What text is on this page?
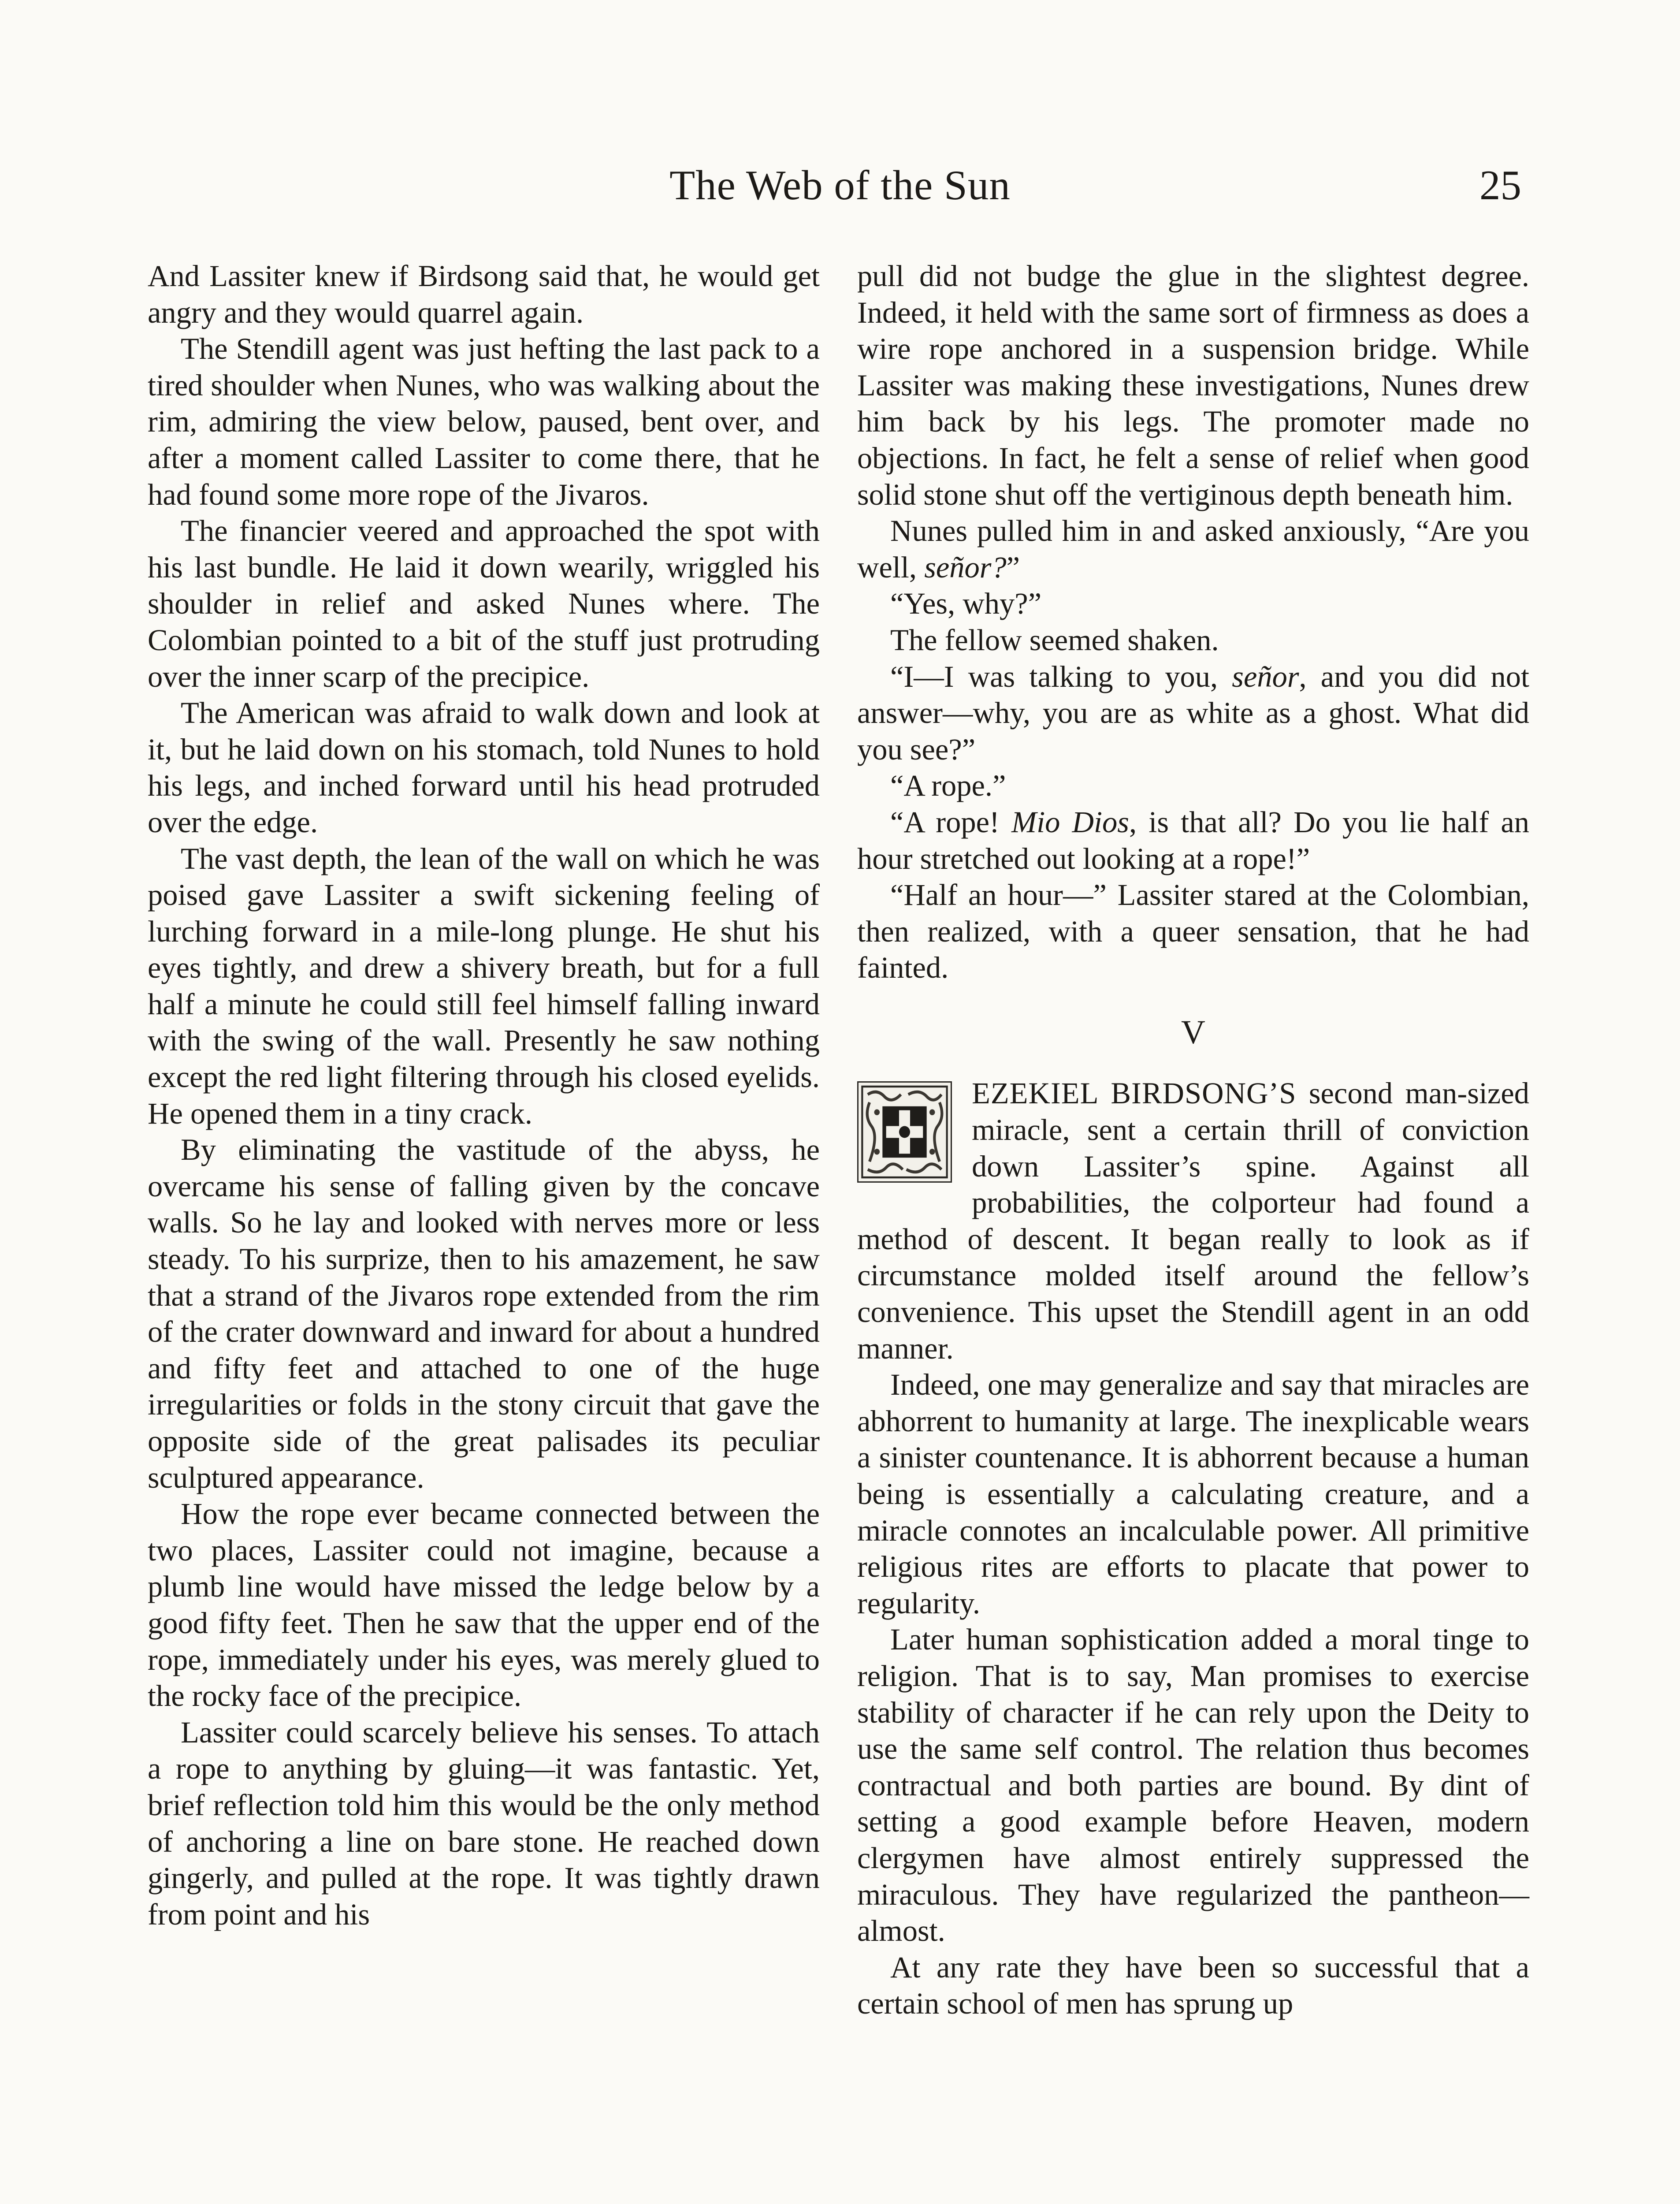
The Web of the Sun	25

And Lassiter knew if Birdsong said that, he would get angry and they would quarrel again.

The Stendill agent was just hefting the last pack to a tired shoulder when Nunes, who was walking about the rim, admiring the view below, paused, bent over, and after a moment called Lassiter to come there, that he had found some more rope of the Jivaros.

The financier veered and approached the spot with his last bundle. He laid it down wearily, wriggled his shoulder in relief and asked Nunes where. The Colombian pointed to a bit of the stuff just protruding over the inner scarp of the precipice.

The American was afraid to walk down and look at it, but he laid down on his stomach, told Nunes to hold his legs, and inched forward until his head protruded over the edge.

The vast depth, the lean of the wall on which he was poised gave Lassiter a swift sickening feeling of lurching forward in a mile-long plunge. He shut his eyes tightly, and drew a shivery breath, but for a full half a minute he could still feel himself falling inward with the swing of the wall. Presently he saw nothing except the red light filtering through his closed eyelids. He opened them in a tiny crack.

By eliminating the vastitude of the abyss, he overcame his sense of falling given by the concave walls. So he lay and looked with nerves more or less steady. To his surprize, then to his amazement, he saw that a strand of the Jivaros rope extended from the rim of the crater downward and inward for about a hundred and fifty feet and attached to one of the huge irregularities or folds in the stony circuit that gave the opposite side of the great palisades its peculiar sculptured appearance.

How the rope ever became connected between the two places, Lassiter could not imagine, because a plumb line would have missed the ledge below by a good fifty feet. Then he saw that the upper end of the rope, immediately under his eyes, was merely glued to the rocky face of the precipice.

Lassiter could scarcely believe his senses. To attach a rope to anything by gluing—it was fantastic. Yet, brief reflection told him this would be the only method of anchoring a line on bare stone. He reached down gingerly, and pulled at the rope. It was tightly drawn from point and his

pull did not budge the glue in the slightest degree. Indeed, it held with the same sort of firmness as does a wire rope anchored in a suspension bridge. While Lassiter was making these investigations, Nunes drew him back by his legs. The promoter made no objections. In fact, he felt a sense of relief when good solid stone shut off the vertiginous depth beneath him.

Nunes pulled him in and asked anxiously, “Are you well, señor?”

“Yes, why?”

The fellow seemed shaken.

“I—I was talking to you, señor, and you did not answer—why, you are as white as a ghost. What did you see?”

“A rope.”

“A rope! Mio Dios, is that all? Do you lie half an hour stretched out looking at a rope!”

“Half an hour—” Lassiter stared at the Colombian, then realized, with a queer sensation, that he had fainted.

V

EZEKIEL BIRDSONG’S second man-sized miracle, sent a certain thrill of conviction down Lassiter’s spine. Against all probabilities, the colporteur had found a method of descent. It began really to look as if circumstance molded itself around the fellow’s convenience. This upset the Stendill agent in an odd manner.

Indeed, one may generalize and say that miracles are abhorrent to humanity at large. The inexplicable wears a sinister countenance. It is abhorrent because a human being is essentially a calculating creature, and a miracle connotes an incalculable power. All primitive religious rites are efforts to placate that power to regularity.

Later human sophistication added a moral tinge to religion. That is to say, Man promises to exercise stability of character if he can rely upon the Deity to use the same self control. The relation thus becomes contractual and both parties are bound. By dint of setting a good example before Heaven, modern clergymen have almost entirely suppressed the miraculous. They have regularized the pantheon—almost.

At any rate they have been so successful that a certain school of men has sprung up
